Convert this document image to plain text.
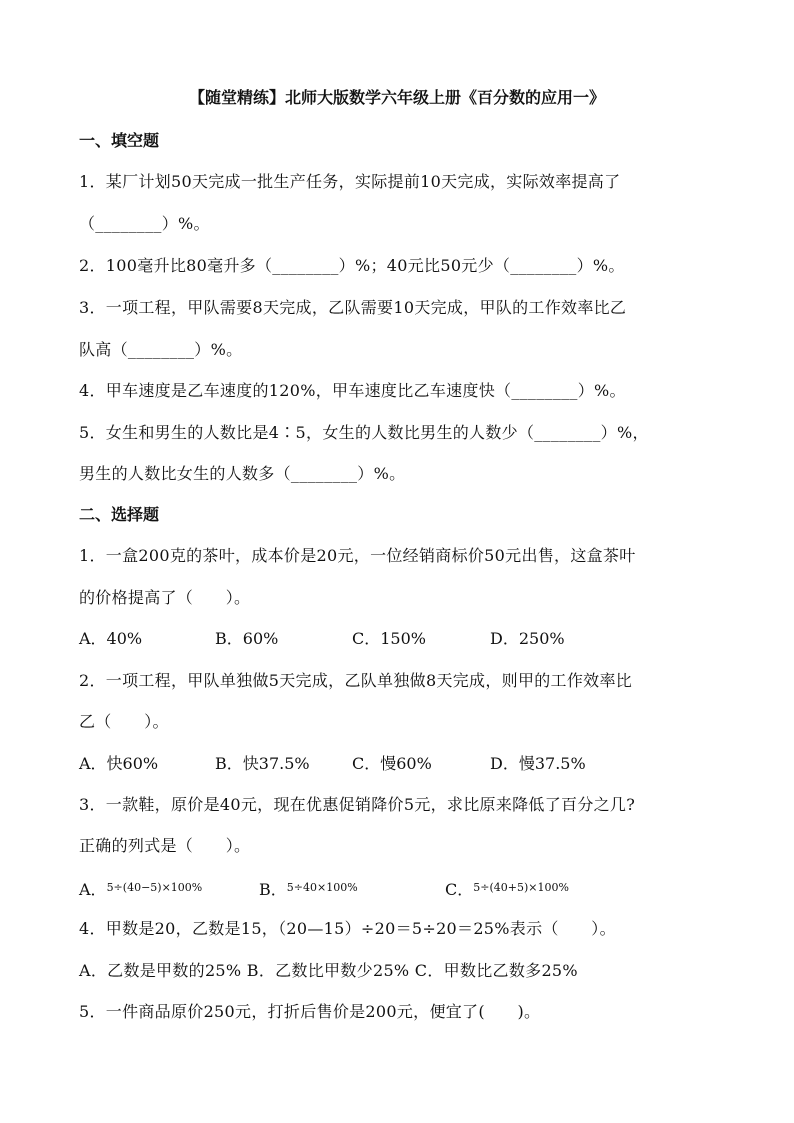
【随堂精练】北师大版数学六年级上册《百分数的应用一》
一、填空题
1．某厂计划50天完成一批生产任务，实际提前10天完成，实际效率提高了
（________）%。
2．100毫升比80毫升多（________）%；40元比50元少（________）%。
3．一项工程，甲队需要8天完成，乙队需要10天完成，甲队的工作效率比乙
队高（________）%。
4．甲车速度是乙车速度的120%，甲车速度比乙车速度快（________）%。
5．女生和男生的人数比是4∶5，女生的人数比男生的人数少（________）%，
男生的人数比女生的人数多（________）%。
二、选择题
1．一盒200克的茶叶，成本价是20元，一位经销商标价50元出售，这盒茶叶
的价格提高了（　　）。
A．40%	B．60%	C．150%	D．250%
2．一项工程，甲队单独做5天完成，乙队单独做8天完成，则甲的工作效率比
乙（　　）。
A．快60%	B．快37.5%	C．慢60%	D．慢37.5%
3．一款鞋，原价是40元，现在优惠促销降价5元，求比原来降低了百分之几?
正确的列式是（　　）。
A．$^{5\div(40-5)\times 100\%}$	B．$^{5\div 40\times 100\%}$	C．$^{5\div(40+5)\times 100\%}$
4．甲数是20，乙数是15，（20—15）÷20＝5÷20＝25%表示（　　）。
A．乙数是甲数的25% B．乙数比甲数少25% C．甲数比乙数多25%
5．一件商品原价250元，打折后售价是200元，便宜了(　　)。
